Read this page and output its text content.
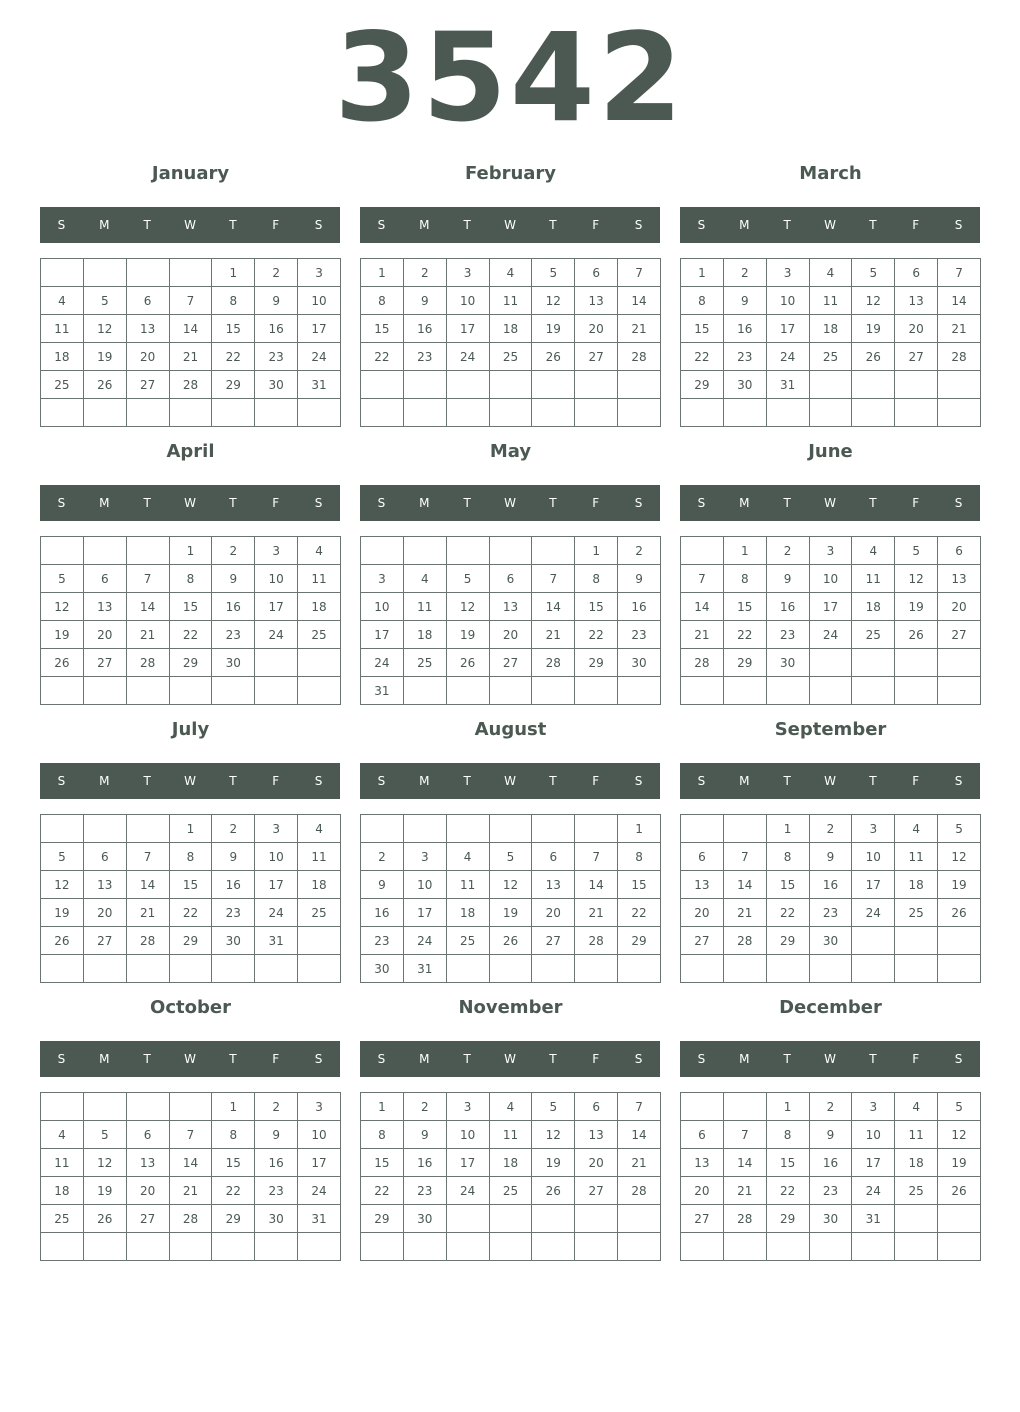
3542
January
S	M	T	W	T	F	S
				1	2	3
4	5	6	7	8	9	10
11	12	13	14	15	16	17
18	19	20	21	22	23	24
25	26	27	28	29	30	31

February
S	M	T	W	T	F	S
1	2	3	4	5	6	7
8	9	10	11	12	13	14
15	16	17	18	19	20	21
22	23	24	25	26	27	28

March
S	M	T	W	T	F	S
1	2	3	4	5	6	7
8	9	10	11	12	13	14
15	16	17	18	19	20	21
22	23	24	25	26	27	28
29	30	31				

April
S	M	T	W	T	F	S
			1	2	3	4
5	6	7	8	9	10	11
12	13	14	15	16	17	18
19	20	21	22	23	24	25
26	27	28	29	30		

May
S	M	T	W	T	F	S
					1	2
3	4	5	6	7	8	9
10	11	12	13	14	15	16
17	18	19	20	21	22	23
24	25	26	27	28	29	30
31						
June
S	M	T	W	T	F	S
	1	2	3	4	5	6
7	8	9	10	11	12	13
14	15	16	17	18	19	20
21	22	23	24	25	26	27
28	29	30				

July
S	M	T	W	T	F	S
			1	2	3	4
5	6	7	8	9	10	11
12	13	14	15	16	17	18
19	20	21	22	23	24	25
26	27	28	29	30	31	

August
S	M	T	W	T	F	S
						1
2	3	4	5	6	7	8
9	10	11	12	13	14	15
16	17	18	19	20	21	22
23	24	25	26	27	28	29
30	31					
September
S	M	T	W	T	F	S
		1	2	3	4	5
6	7	8	9	10	11	12
13	14	15	16	17	18	19
20	21	22	23	24	25	26
27	28	29	30			

October
S	M	T	W	T	F	S
				1	2	3
4	5	6	7	8	9	10
11	12	13	14	15	16	17
18	19	20	21	22	23	24
25	26	27	28	29	30	31

November
S	M	T	W	T	F	S
1	2	3	4	5	6	7
8	9	10	11	12	13	14
15	16	17	18	19	20	21
22	23	24	25	26	27	28
29	30					

December
S	M	T	W	T	F	S
		1	2	3	4	5
6	7	8	9	10	11	12
13	14	15	16	17	18	19
20	21	22	23	24	25	26
27	28	29	30	31		
